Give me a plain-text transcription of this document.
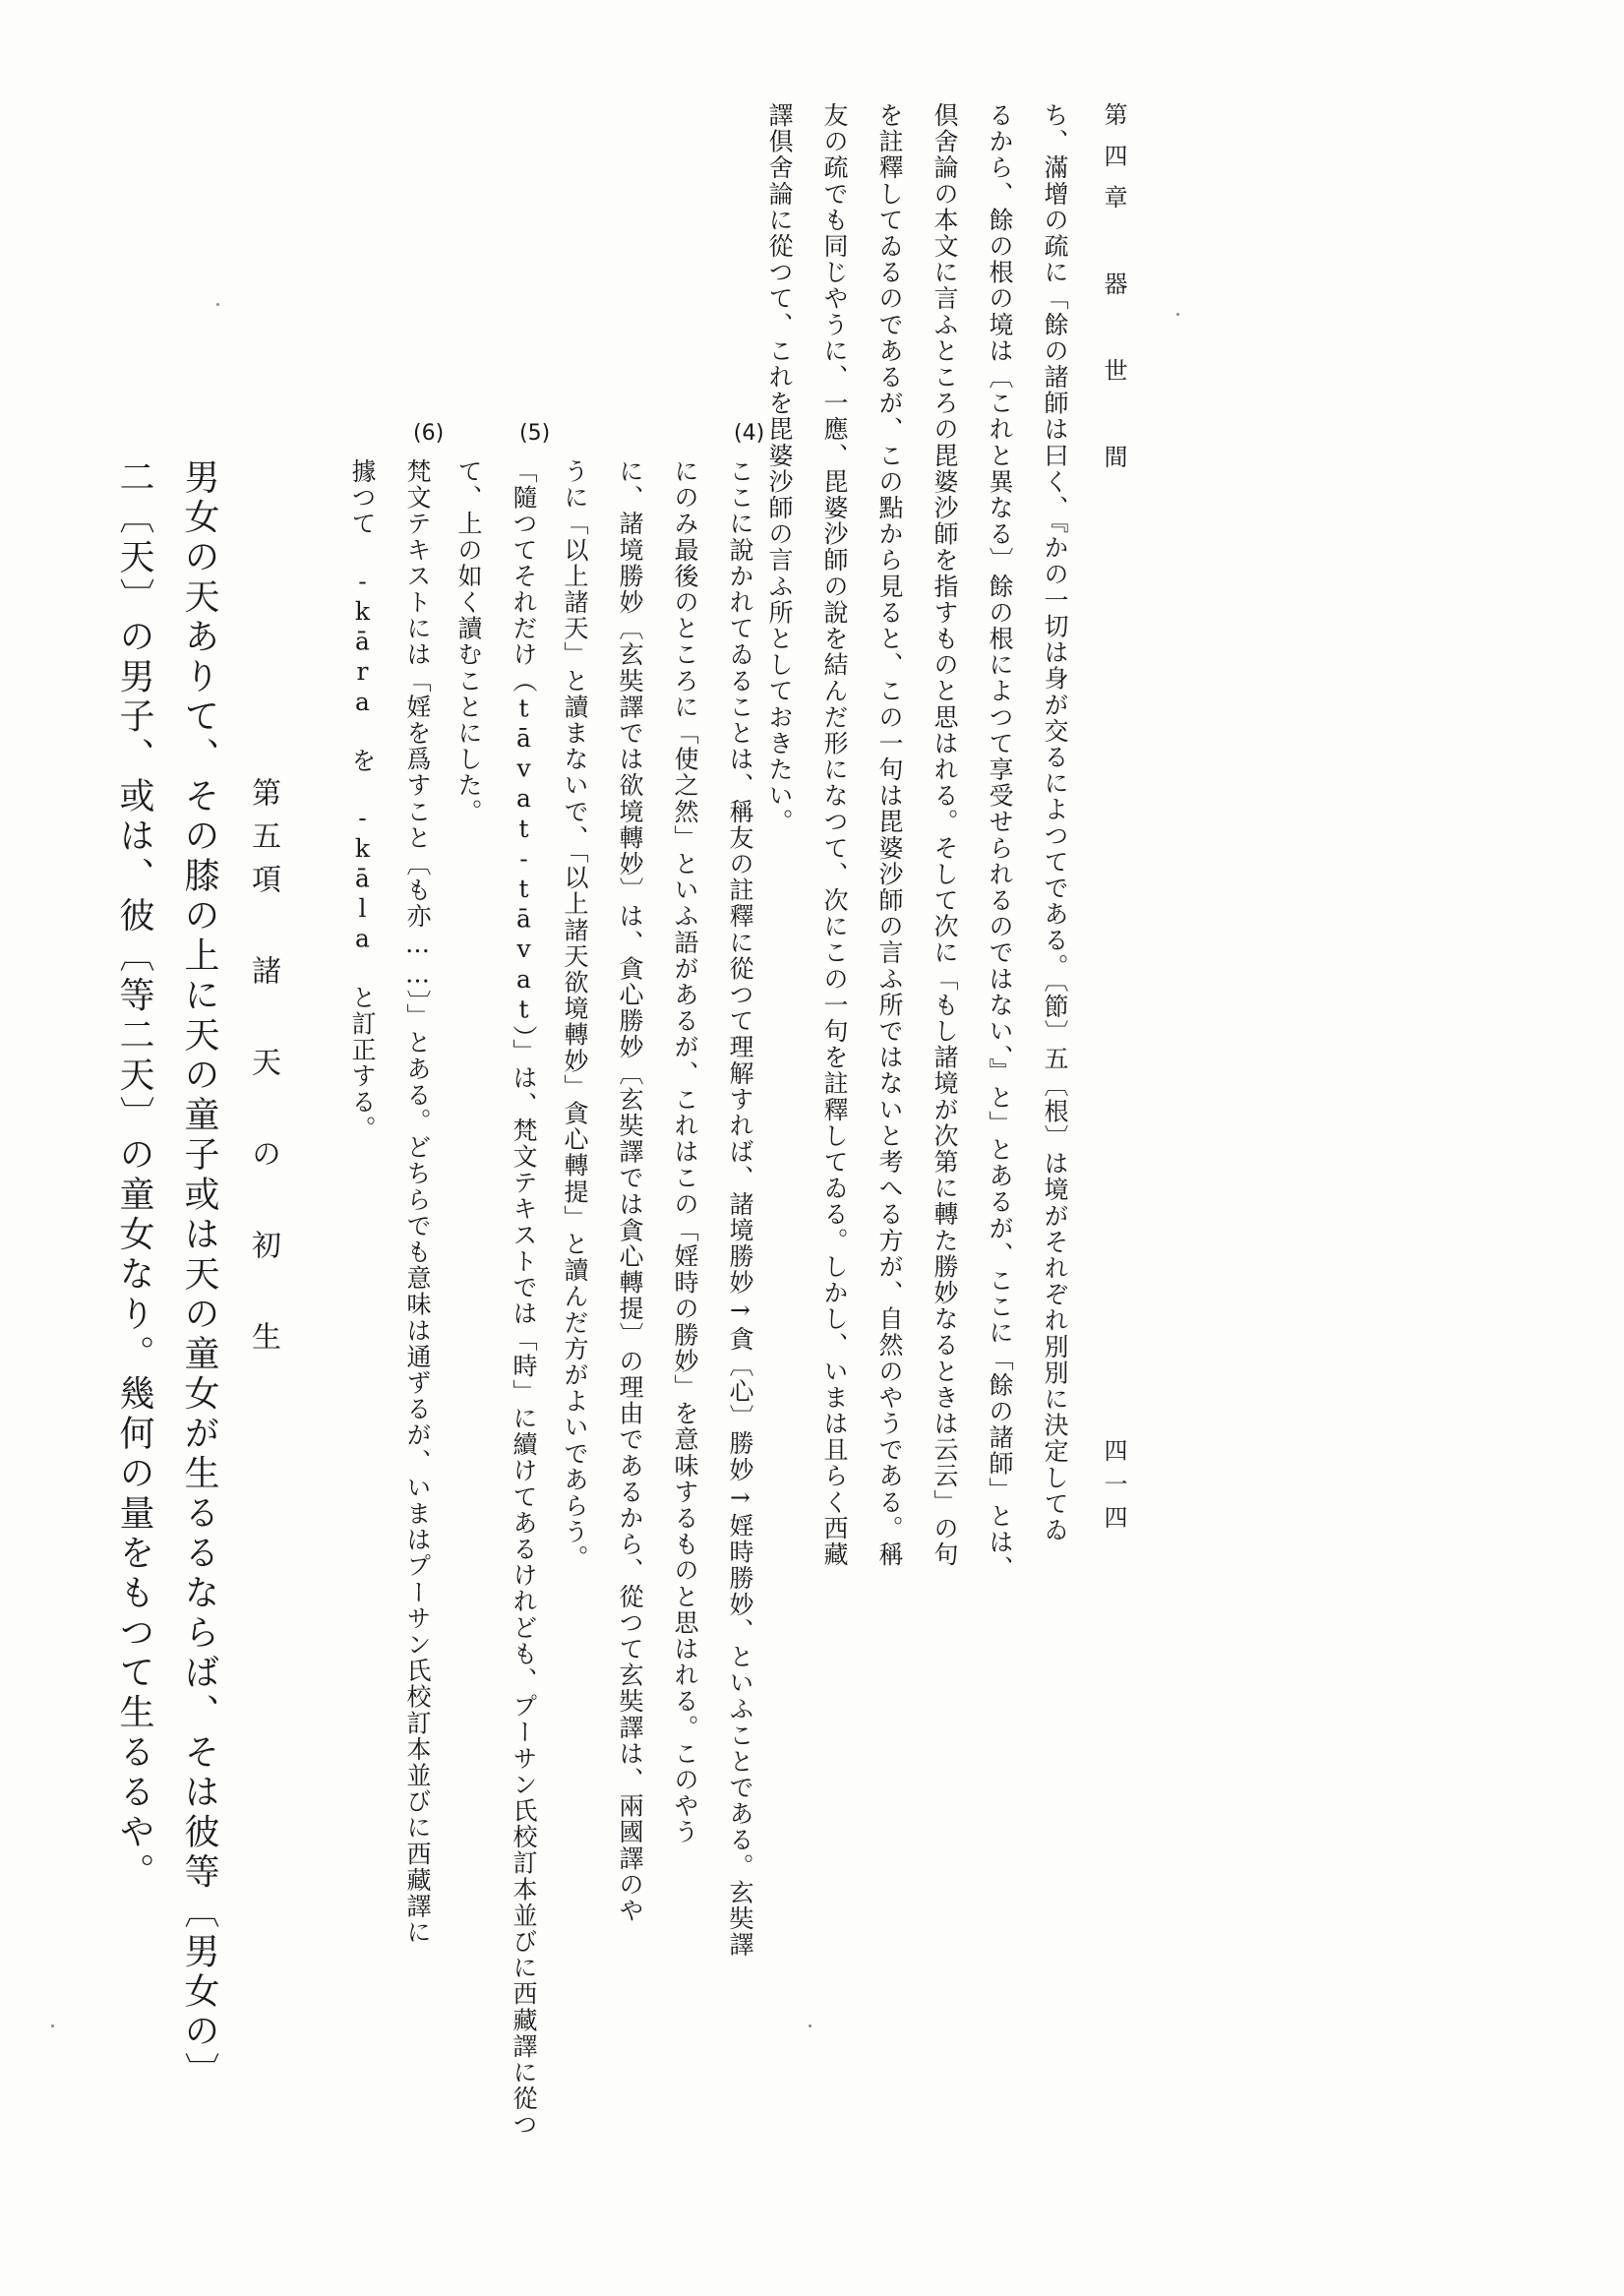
第四章 器 世 間
四一四
ち、滿增の疏に「餘の諸師は曰く、『かの一切は身が交るによつてである。〔節〕五〔根〕は境がそれぞれ別別に決定してゐ
るから、餘の根の境は〔これと異なる〕餘の根によつて享受せられるのではない、』と」とあるが、ここに「餘の諸師」とは、
倶舍論の本文に言ふところの毘婆沙師を指すものと思はれる。そして次に「もし諸境が次第に轉た勝妙なるときは云云」の句
を註釋してゐるのであるが、この點から見ると、この一句は毘婆沙師の言ふ所ではないと考へる方が、自然のやうである。稱
友の疏でも同じやうに、一應、毘婆沙師の說を結んだ形になつて、次にこの一句を註釋してゐる。しかし、いまは且らく西藏
譯倶舍論に從つて、これを毘婆沙師の言ふ所としておきたい。
(4)
ここに說かれてゐることは、稱友の註釋に從つて理解すれば、諸境勝妙→貪〔心〕勝妙→婬時勝妙、といふことである。玄奘譯
にのみ最後のところに「使之然」といふ語があるが、これはこの「婬時の勝妙」を意味するものと思はれる。このやう
に、諸境勝妙〔玄奘譯では欲境轉妙〕は、貪心勝妙〔玄奘譯では貪心轉提〕の理由であるから、從つて玄奘譯は、兩國譯のや
うに「以上諸天」と讀まないで、「以上諸天欲境轉妙」貪心轉提」と讀んだ方がよいであらう。
(5)
「隨つてそれだけ（tāvat-tāvat）」は、梵文テキストでは「時」に續けてあるけれども、プーサン氏校訂本並びに西藏譯に從つ
て、上の如く讀むことにした。
(6)
梵文テキストには「婬を爲すこと〔も亦……〕」とある。どちらでも意味は通ずるが、いまはプーサン氏校訂本並びに西藏譯に
據つて -kāra を -kāla と訂正する。
第五項 諸 天 の 初 生
男女の天ありて、その膝の上に天の童子或は天の童女が生るるならば、そは彼等〔男女の〕
二〔天〕の男子、或は、彼〔等二天〕の童女なり。幾何の量をもつて生るるや。
